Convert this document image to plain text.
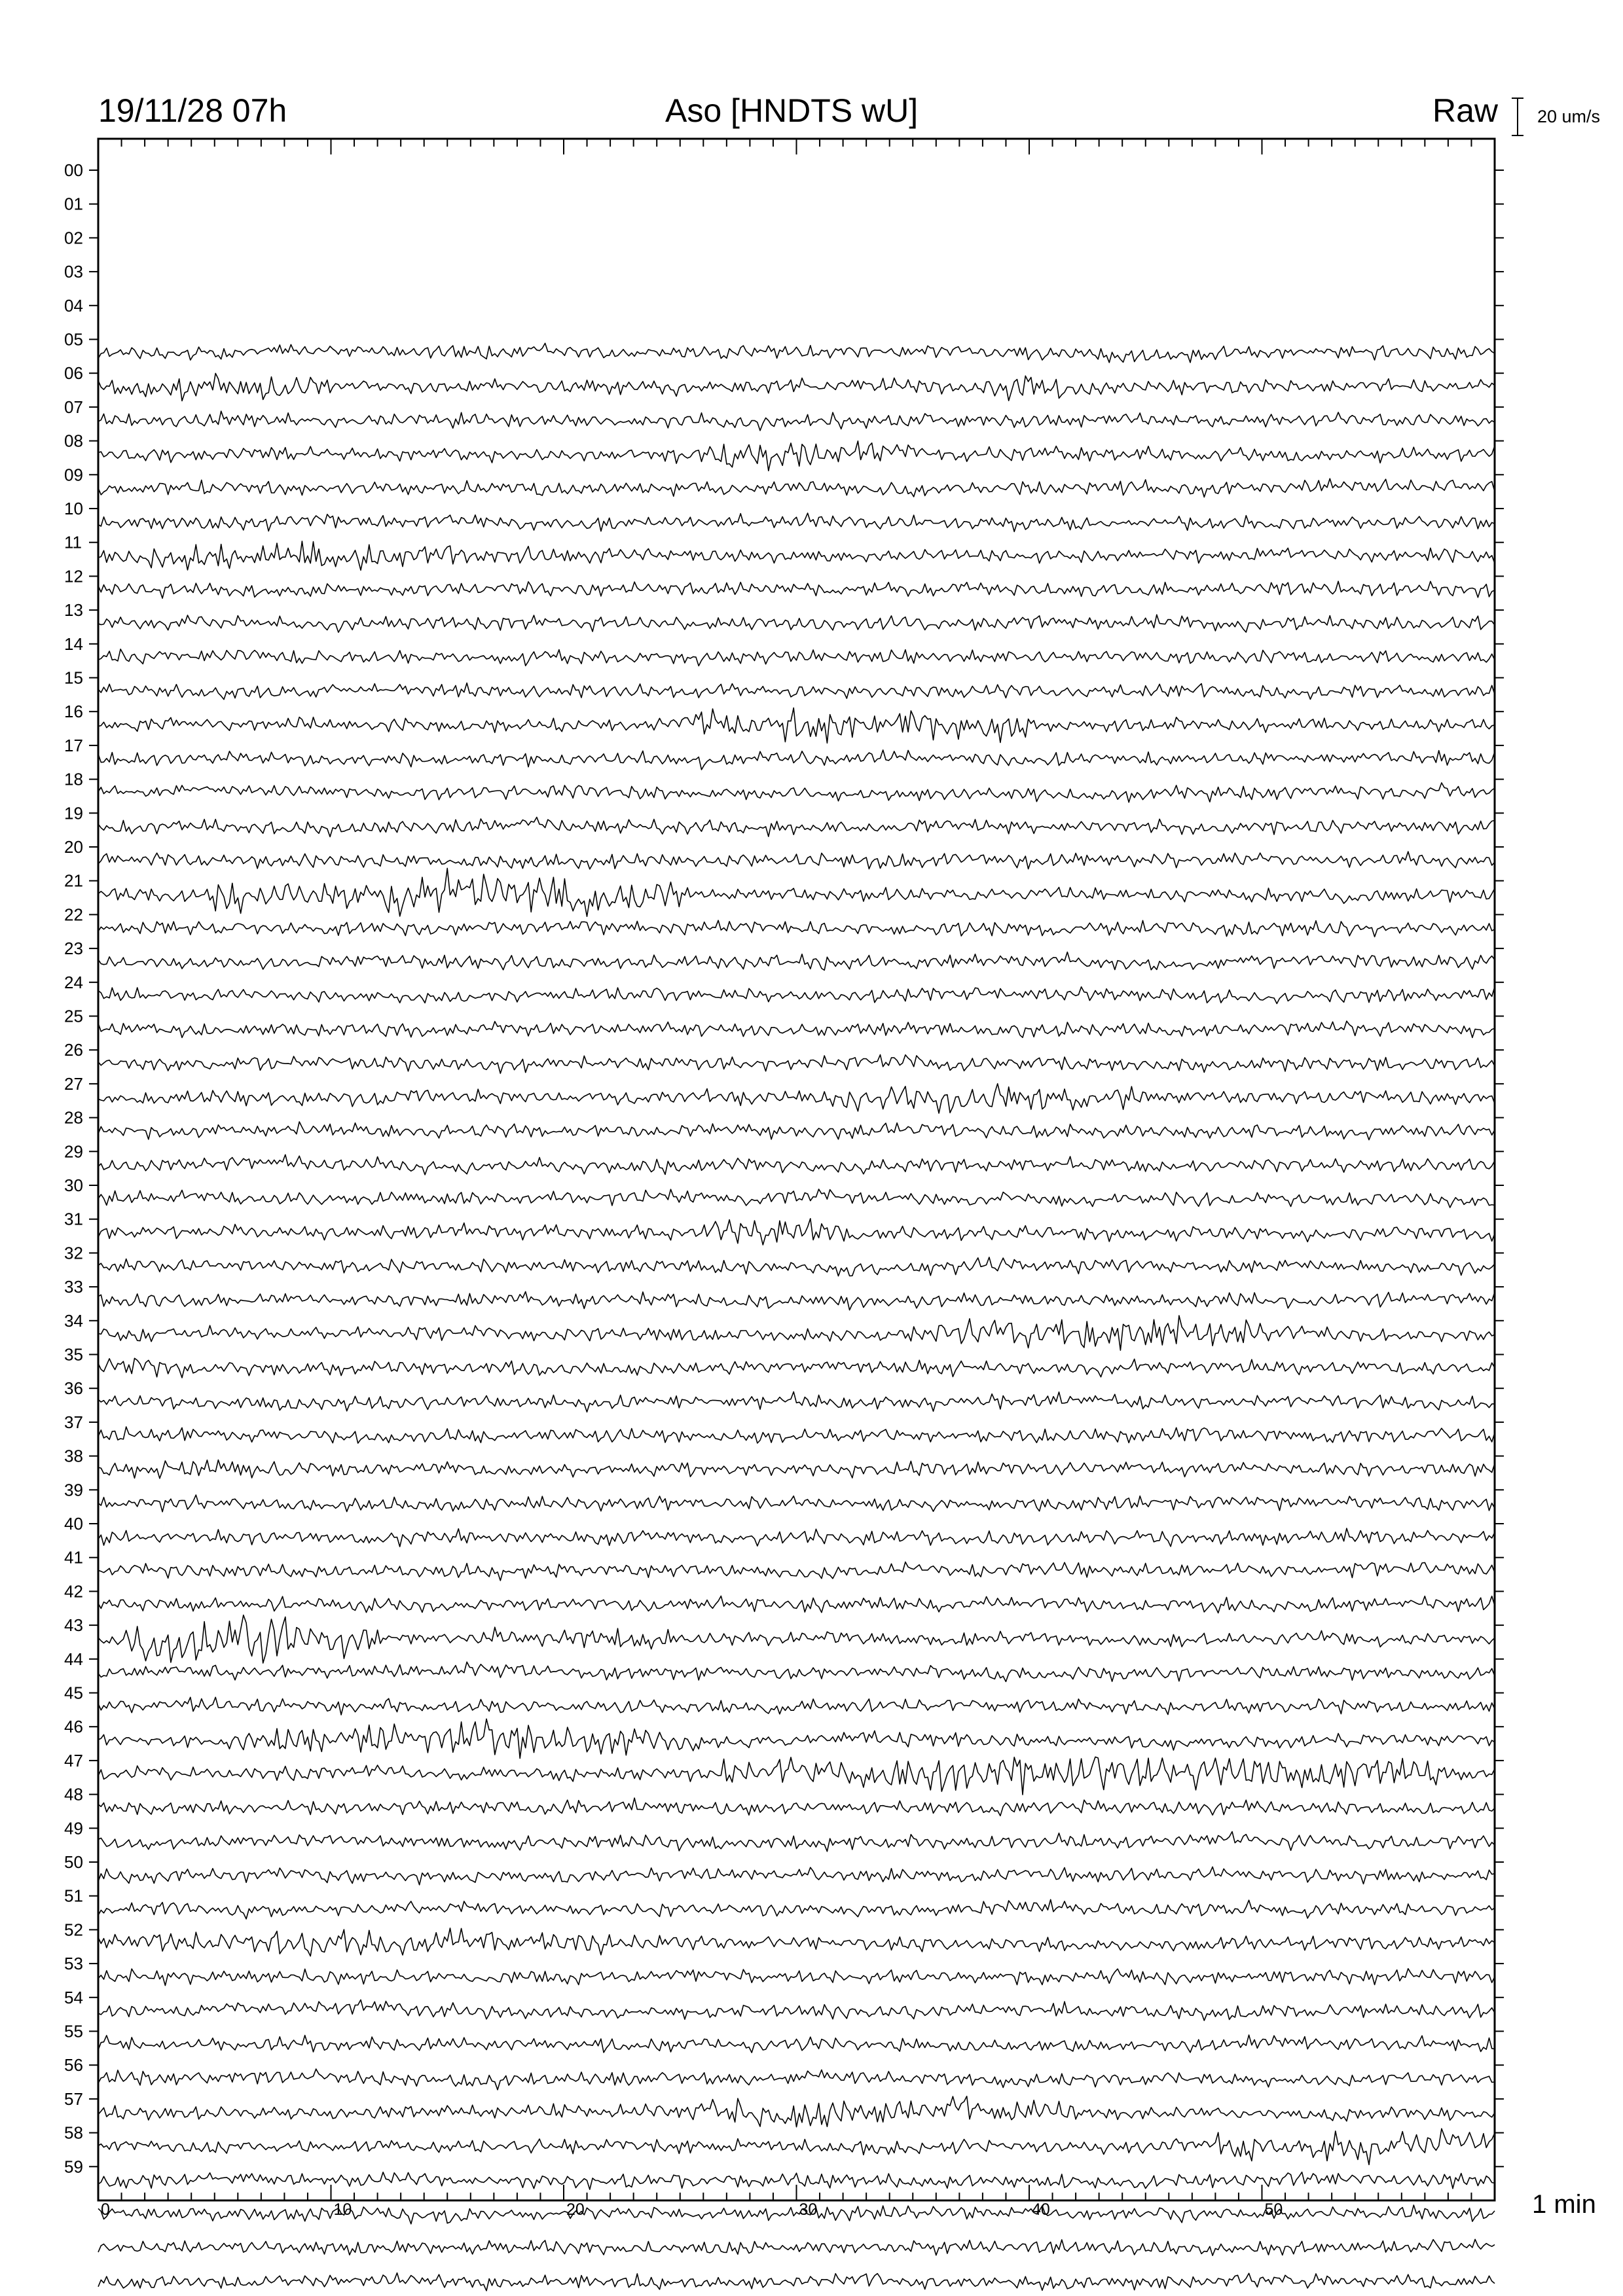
19/11/28 07h	Aso [HNDTS wU]	Raw 20 um/s
1 min
0	10	20	30	40	50
00
01
02
03
04
05
06
07
08
09
10
11
12
13
14
15
16
17
18
19
20
21
22
23
24
25
26
27
28
29
30
31
32
33
34
35
36
37
38
39
40
41
42
43
44
45
46
47
48
49
50
51
52
53
54
55
56
57
58
59
